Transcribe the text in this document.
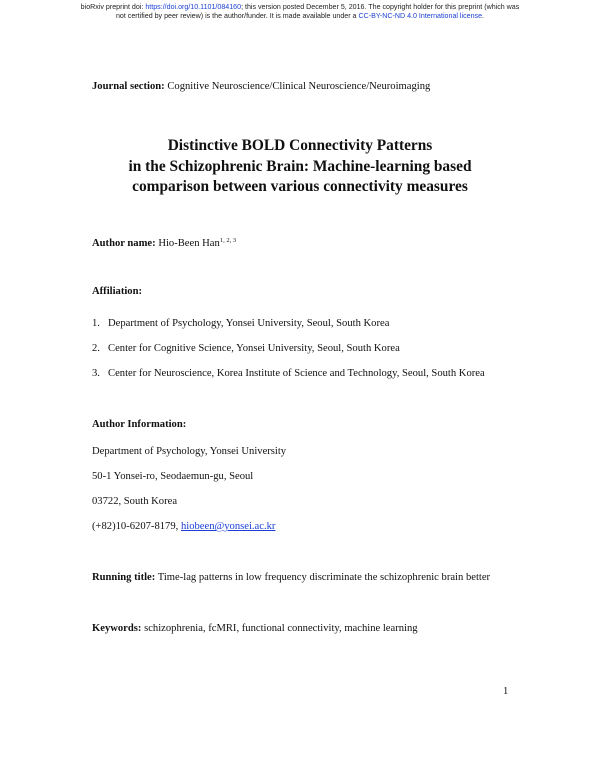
bioRxiv preprint doi: https://doi.org/10.1101/084160; this version posted December 5, 2016. The copyright holder for this preprint (which was
not certified by peer review) is the author/funder. It is made available under a CC-BY-NC-ND 4.0 International license.
Journal section: Cognitive Neuroscience/Clinical Neuroscience/Neuroimaging
Distinctive BOLD Connectivity Patterns
in the Schizophrenic Brain: Machine-learning based
comparison between various connectivity measures
Author name: Hio-Been Han$^{1, 2, 3}$
Affiliation:
1. Department of Psychology, Yonsei University, Seoul, South Korea
2. Center for Cognitive Science, Yonsei University, Seoul, South Korea
3. Center for Neuroscience, Korea Institute of Science and Technology, Seoul, South Korea
Author Information:
Department of Psychology, Yonsei University
50-1 Yonsei-ro, Seodaemun-gu, Seoul
03722, South Korea
(+82)10-6207-8179, hiobeen@yonsei.ac.kr
Running title: Time-lag patterns in low frequency discriminate the schizophrenic brain better
Keywords: schizophrenia, fcMRI, functional connectivity, machine learning
1
